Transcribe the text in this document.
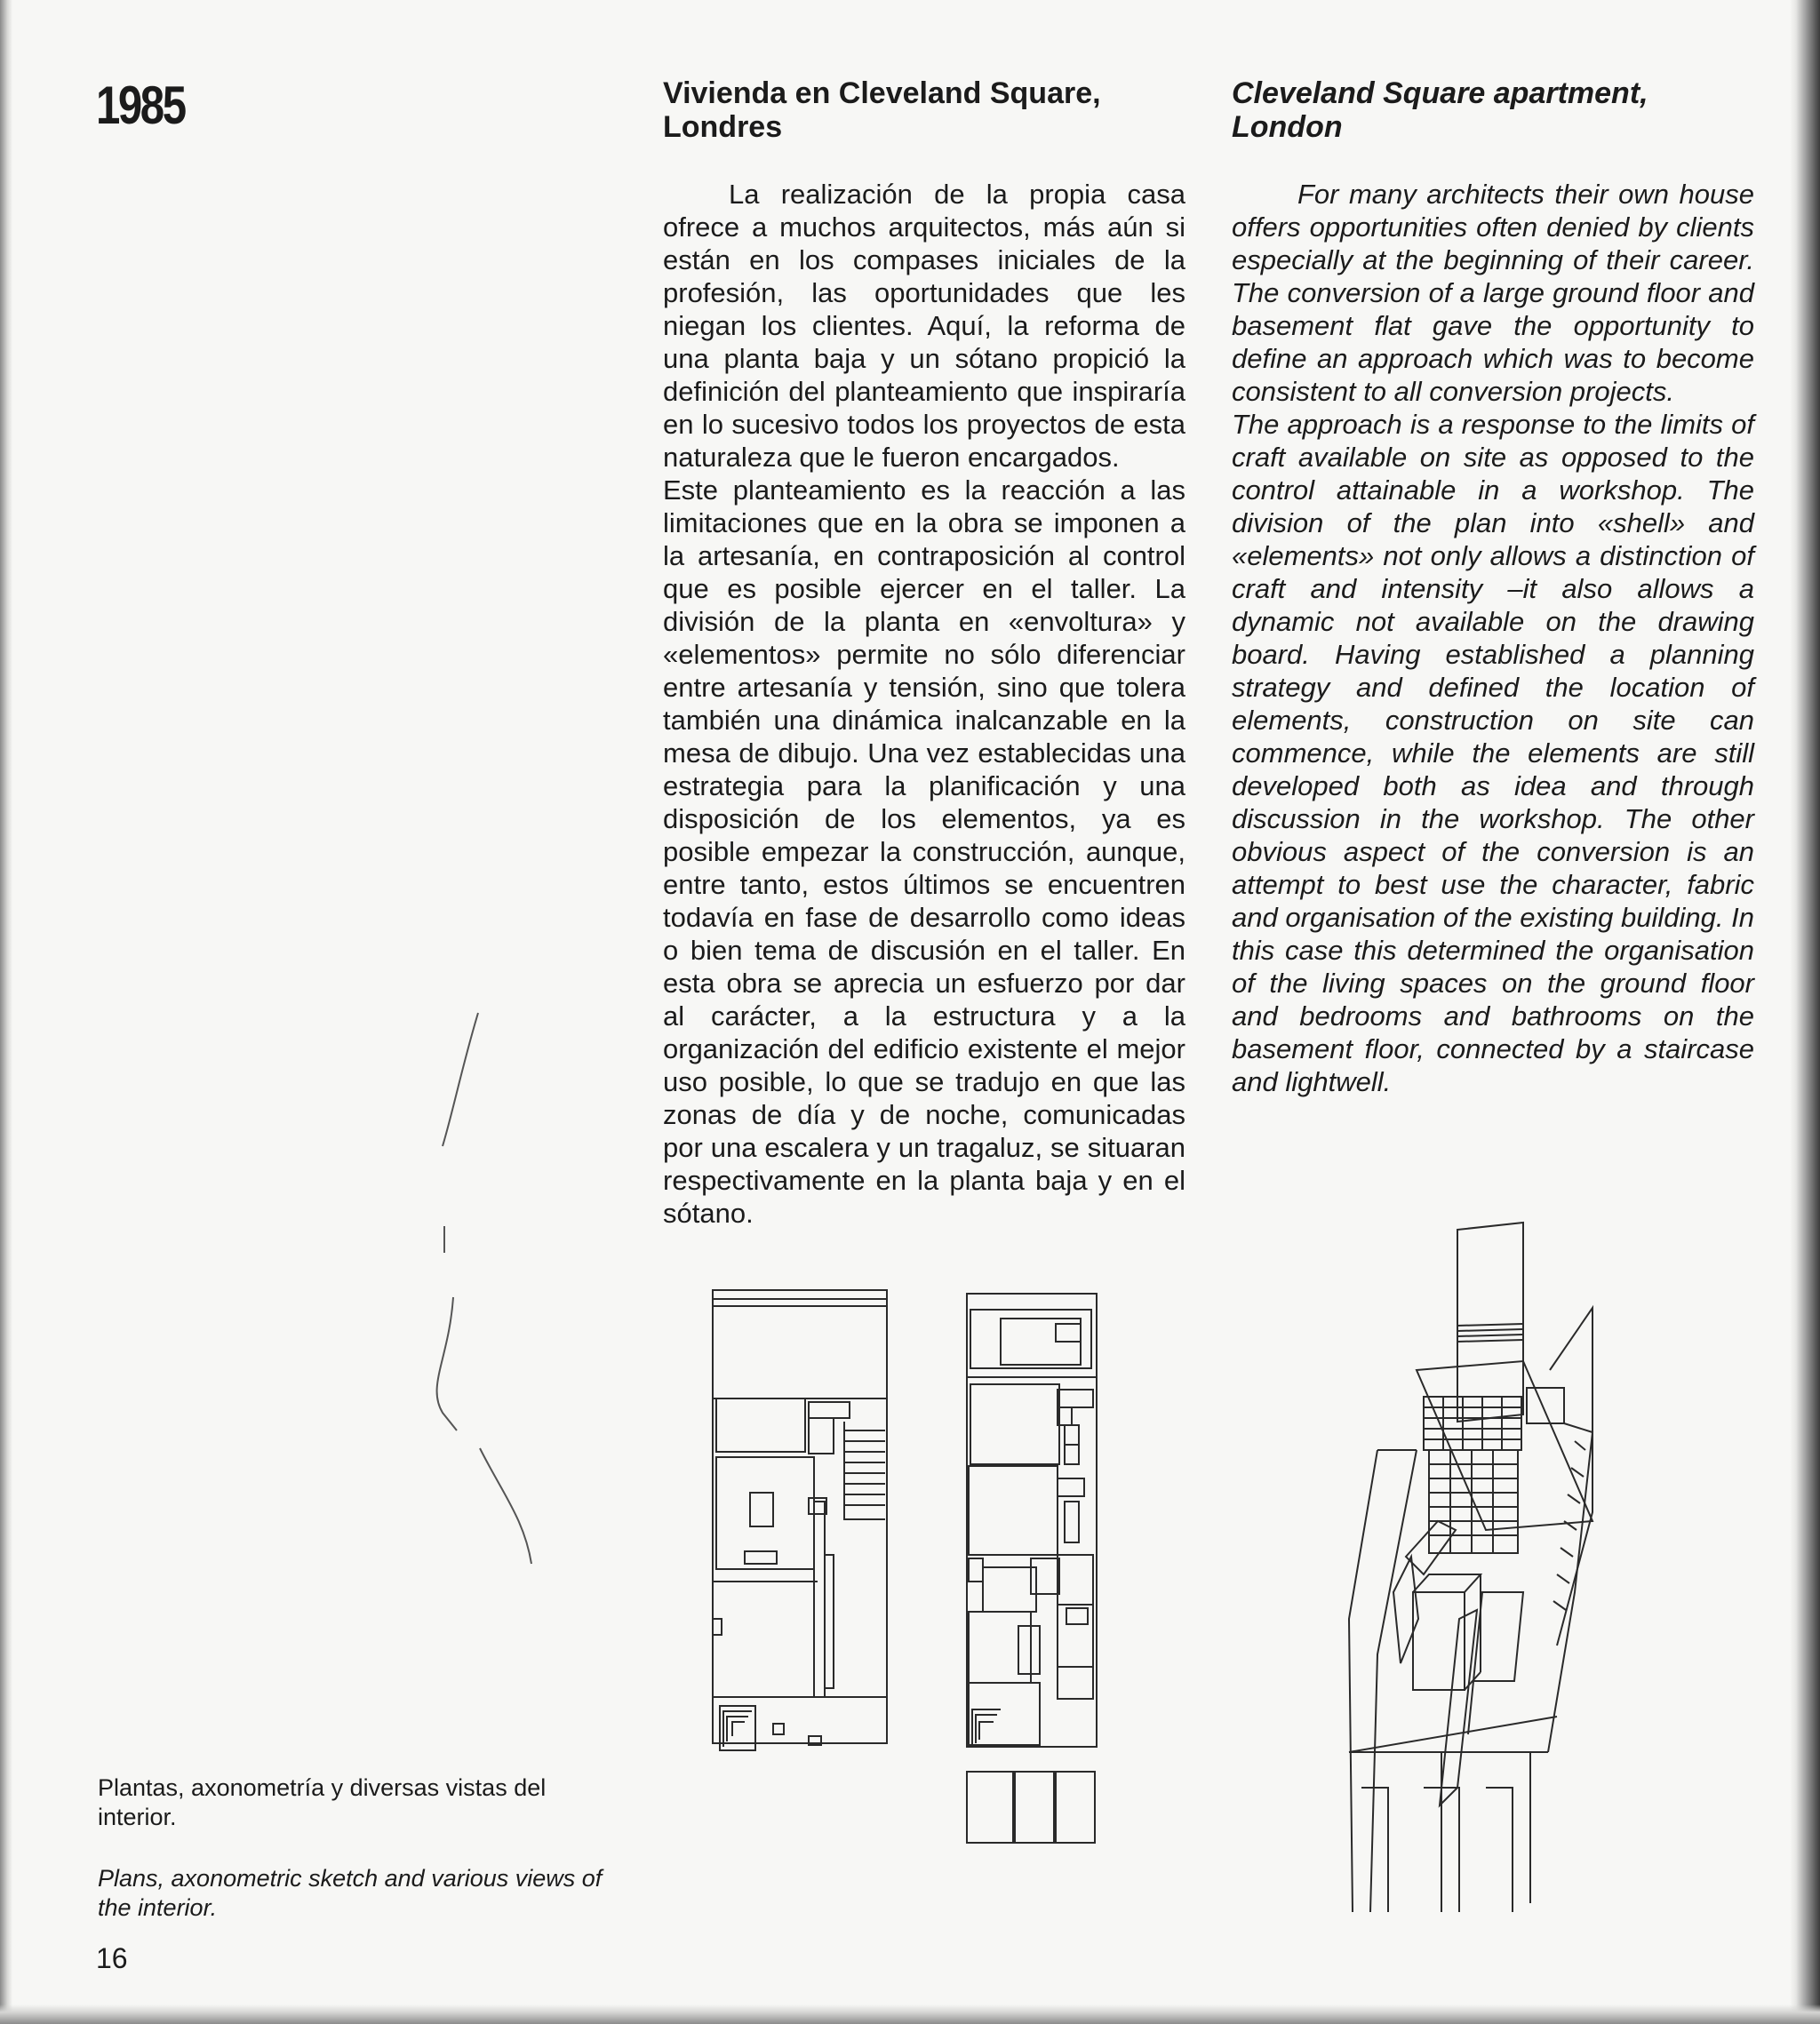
1985	Vivienda en Cleveland Square, Londres
Cleveland Square apartment, London

La realización de la propia casa ofrece a muchos arquitectos, más aún si están en los compases iniciales de la profesión, las oportunidades que les niegan los clientes. Aquí, la reforma de una planta baja y un sótano propició la definición del planteamiento que inspiraría en lo sucesivo todos los proyectos de esta naturaleza que le fueron encargados.

Este planteamiento es la reacción a las limitaciones que en la obra se imponen a la artesanía, en contraposición al control que es posible ejercer en el taller. La división de la planta en «envoltura» y «elementos» permite no sólo diferenciar entre artesanía y tensión, sino que tolera también una dinámica inalcanzable en la mesa de dibujo. Una vez establecidas una estrategia para la planificación y una disposición de los elementos, ya es posible empezar la construcción, aunque, entre tanto, estos últimos se encuentren todavía en fase de desarrollo como ideas o bien tema de discusión en el taller. En esta obra se aprecia un esfuerzo por dar al carácter, a la estructura y a la organización del edificio existente el mejor uso posible, lo que se tradujo en que las zonas de día y de noche, comunicadas por una escalera y un tragaluz, se situaran respectivamente en la planta baja y en el sótano.

For many architects their own house offers opportunities often denied by clients especially at the beginning of their career. The conversion of a large ground floor and basement flat gave the opportunity to define an approach which was to become consistent to all conversion projects.

The approach is a response to the limits of craft available on site as opposed to the control attainable in a workshop. The division of the plan into «shell» and «elements» not only allows a distinction of craft and intensity –it also allows a dynamic not available on the drawing board. Having established a planning strategy and defined the location of elements, construction on site can commence, while the elements are still developed both as idea and through discussion in the workshop. The other obvious aspect of the conversion is an attempt to best use the character, fabric and organisation of the existing building. In this case this determined the organisation of the living spaces on the ground floor and bedrooms and bathrooms on the basement floor, connected by a staircase and lightwell.

Plantas, axonometría y diversas vistas del interior.

Plans, axonometric sketch and various views of the interior.

16
